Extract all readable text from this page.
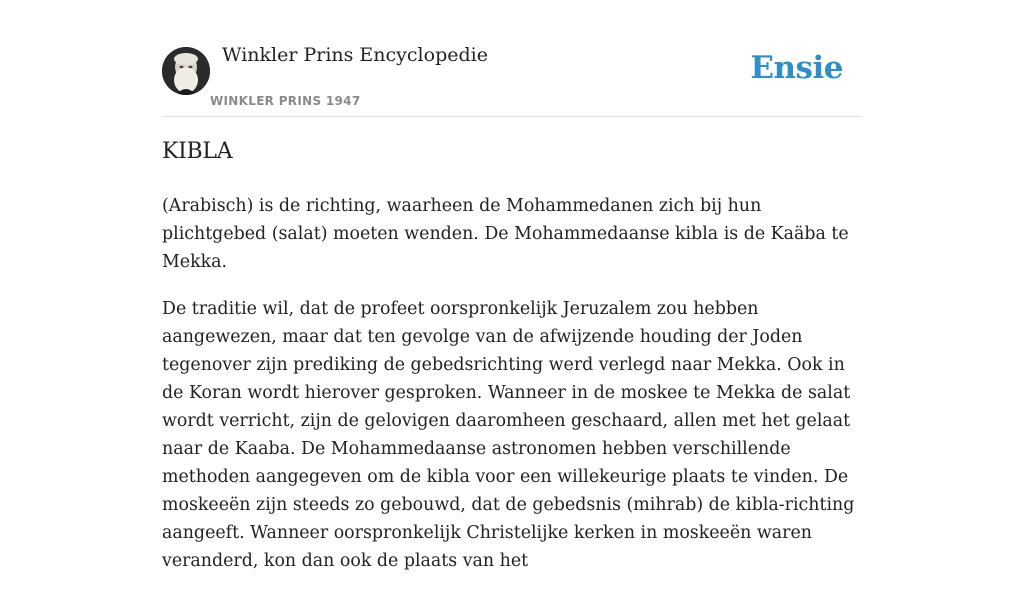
Winkler Prins Encyclopedie
WINKLER PRINS 1947
Ensie
KIBLA

(Arabisch) is de richting, waarheen de Mohammedanen zich bij hun plichtgebed (salat) moeten wenden. De Mohammedaanse kibla is de Kaäba te Mekka.

De traditie wil, dat de profeet oorspronkelijk Jeruzalem zou hebben aangewezen, maar dat ten gevolge van de afwijzende houding der Joden tegenover zijn prediking de gebedsrichting werd verlegd naar Mekka. Ook in de Koran wordt hierover gesproken. Wanneer in de moskee te Mekka de salat wordt verricht, zijn de gelovigen daaromheen geschaard, allen met het gelaat naar de Kaaba. De Mohammedaanse astronomen hebben verschillende methoden aangegeven om de kibla voor een willekeurige plaats te vinden. De moskeeën zijn steeds zo gebouwd, dat de gebedsnis (mihrab) de kibla-richting aangeeft. Wanneer oorspronkelijk Christelijke kerken in moskeeën waren veranderd, kon dan ook de plaats van het
